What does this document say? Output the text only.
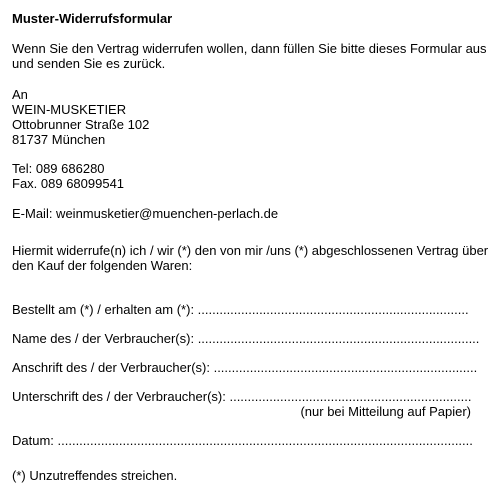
Muster-Widerrufsformular
Wenn Sie den Vertrag widerrufen wollen, dann füllen Sie bitte dieses Formular aus
und senden Sie es zurück.
An
WEIN-MUSKETIER
Ottobrunner Straße 102
81737 München
Tel: 089 686280
Fax. 089 68099541
E-Mail: weinmusketier@muenchen-perlach.de
Hiermit widerrufe(n) ich / wir (*) den von mir /uns (*) abgeschlossenen Vertrag über
den Kauf der folgenden Waren:
Bestellt am (*) / erhalten am (*): ...........................................................................
Name des / der Verbraucher(s): ..............................................................................
Anschrift des / der Verbraucher(s): .........................................................................
Unterschrift des / der Verbraucher(s): ...................................................................
(nur bei Mitteilung auf Papier)
Datum: ...................................................................................................................
(*) Unzutreffendes streichen.
